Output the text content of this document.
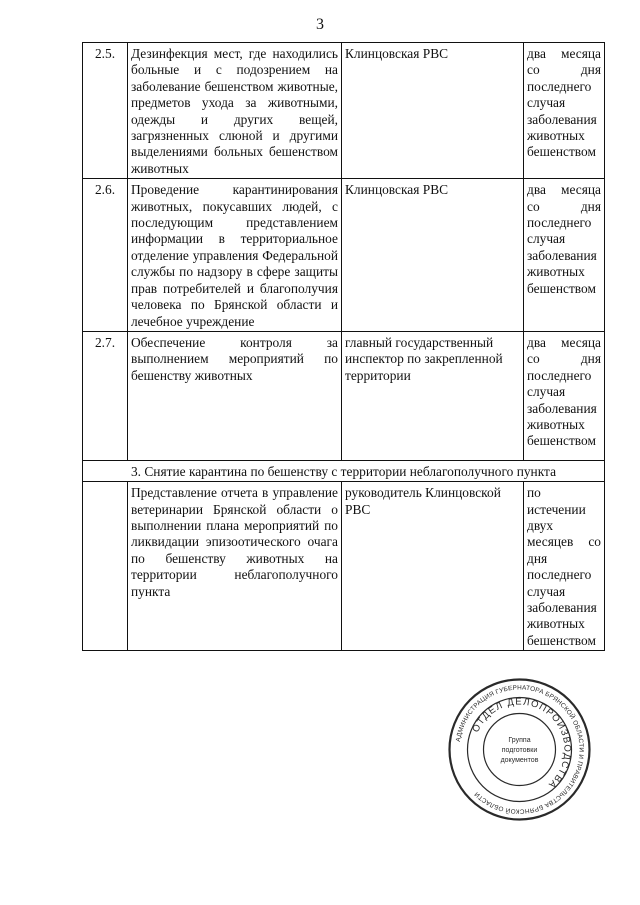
3
2.5.	Дезинфекция мест, где находились больные и с подозрением на заболевание бешенством животные, предметов ухода за животными, одежды и других вещей, загрязненных слюной и другими выделениями больных бешенством животных	Клинцовская РВС	два месяца со дня последнего случая заболевания животных бешенством
2.6.	Проведение карантинирования животных, покусавших людей, с последующим представлением информации в территориальное отделение управления Федеральной службы по надзору в сфере защиты прав потребителей и благополучия человека по Брянской области и лечебное учреждение	Клинцовская РВС	два месяца со дня последнего случая заболевания животных бешенством
2.7.	Обеспечение контроля за выполнением мероприятий по бешенству животных	главный государственный инспектор по закрепленной территории	два месяца со дня последнего случая заболевания животных бешенством
3. Снятие карантина по бешенству с территории неблагополучного пункта			
	Представление отчета в управление ветеринарии Брянской области о выполнении плана мероприятий по ликвидации эпизоотического очага по бешенству животных на территории неблагополучного пункта	руководитель Клинцовской РВС	по истечении двух месяцев со дня последнего случая заболевания животных бешенством
АДМИНИСТРАЦИЯ ГУБЕРНАТОРА БРЯНСКОЙ ОБЛАСТИ И ПРАВИТЕЛЬСТВА БРЯНСКОЙ ОБЛАСТИ
ОТДЕЛ ДЕЛОПРОИЗВОДСТВА
Группа
подготовки
документов
